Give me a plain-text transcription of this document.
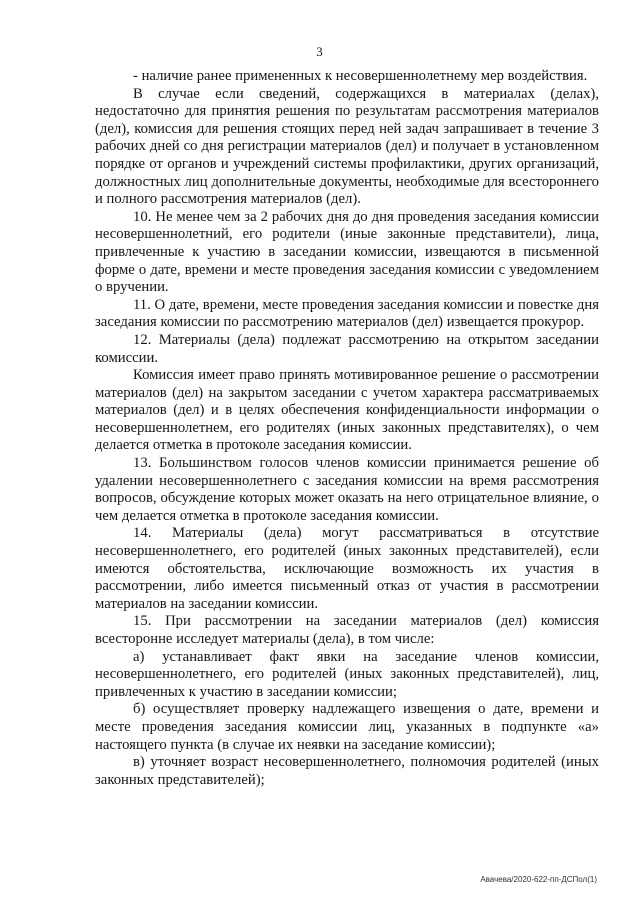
3

- наличие ранее примененных к несовершеннолетнему мер воздействия.

В случае если сведений, содержащихся в материалах (делах), недостаточно для принятия решения по результатам рассмотрения материалов (дел), комиссия для решения стоящих перед ней задач запрашивает в течение 3 рабочих дней со дня регистрации материалов (дел) и получает в установленном порядке от органов и учреждений системы профилактики, других организаций, должностных лиц дополнительные документы, необходимые для всестороннего и полного рассмотрения материалов (дел).

10. Не менее чем за 2 рабочих дня до дня проведения заседания комиссии несовершеннолетний, его родители (иные законные представители), лица, привлеченные к участию в заседании комиссии, извещаются в письменной форме о дате, времени и месте проведения заседания комиссии с уведомлением о вручении.

11. О дате, времени, месте проведения заседания комиссии и повестке дня заседания комиссии по рассмотрению материалов (дел) извещается прокурор.

12. Материалы (дела) подлежат рассмотрению на открытом заседании комиссии.

Комиссия имеет право принять мотивированное решение о рассмотрении материалов (дел) на закрытом заседании с учетом характера рассматриваемых материалов (дел) и в целях обеспечения конфиденциальности информации о несовершеннолетнем, его родителях (иных законных представителях), о чем делается отметка в протоколе заседания комиссии.

13. Большинством голосов членов комиссии принимается решение об удалении несовершеннолетнего с заседания комиссии на время рассмотрения вопросов, обсуждение которых может оказать на него отрицательное влияние, о чем делается отметка в протоколе заседания комиссии.

14. Материалы (дела) могут рассматриваться в отсутствие несовершеннолетнего, его родителей (иных законных представителей), если имеются обстоятельства, исключающие возможность их участия в рассмотрении, либо имеется письменный отказ от участия в рассмотрении материалов на заседании комиссии.

15. При рассмотрении на заседании материалов (дел) комиссия всесторонне исследует материалы (дела), в том числе:

а) устанавливает факт явки на заседание членов комиссии, несовершеннолетнего, его родителей (иных законных представителей), лиц, привлеченных к участию в заседании комиссии;

б) осуществляет проверку надлежащего извещения о дате, времени и месте проведения заседания комиссии лиц, указанных в подпункте «а» настоящего пункта (в случае их неявки на заседание комиссии);

в) уточняет возраст несовершеннолетнего, полномочия родителей (иных законных представителей);

Авачева/2020-622-пп-ДСПол(1)
